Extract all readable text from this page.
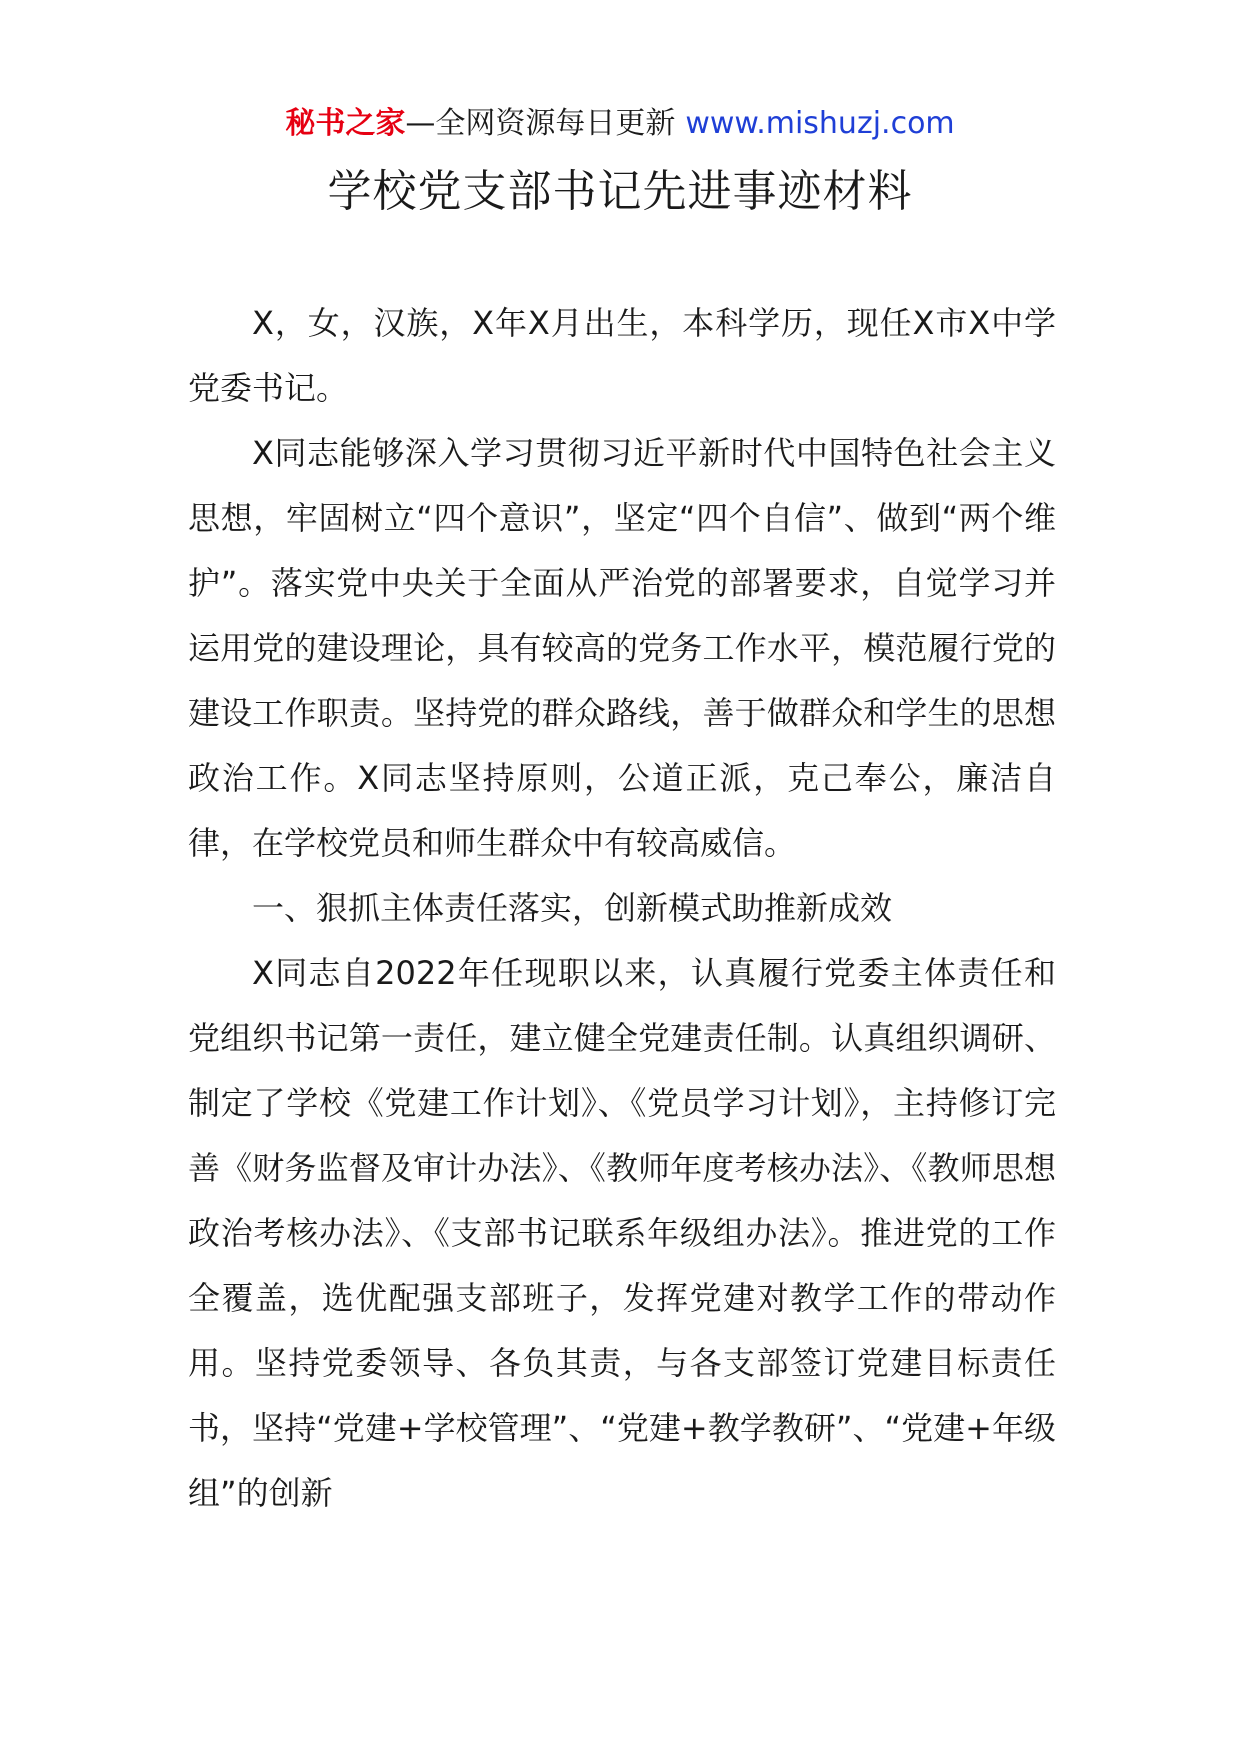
秘书之家—全网资源每日更新 www.mishuzj.com
学校党支部书记先进事迹材料

X，女，汉族，X年X月出生，本科学历，现任X市X中学党委书记。

X同志能够深入学习贯彻习近平新时代中国特色社会主义思想，牢固树立“四个意识”，坚定“四个自信”、做到“两个维护”。落实党中央关于全面从严治党的部署要求，自觉学习并运用党的建设理论，具有较高的党务工作水平，模范履行党的建设工作职责。坚持党的群众路线，善于做群众和学生的思想政治工作。X同志坚持原则，公道正派，克己奉公，廉洁自律，在学校党员和师生群众中有较高威信。

一、狠抓主体责任落实，创新模式助推新成效

X同志自2022年任现职以来，认真履行党委主体责任和党组织书记第一责任，建立健全党建责任制。认真组织调研、制定了学校《党建工作计划》、《党员学习计划》，主持修订完善《财务监督及审计办法》、《教师年度考核办法》、《教师思想政治考核办法》、《支部书记联系年级组办法》。推进党的工作全覆盖，选优配强支部班子，发挥党建对教学工作的带动作用。坚持党委领导、各负其责，与各支部签订党建目标责任书，坚持“党建+学校管理”、“党建+教学教研”、“党建+年级组”的创新
